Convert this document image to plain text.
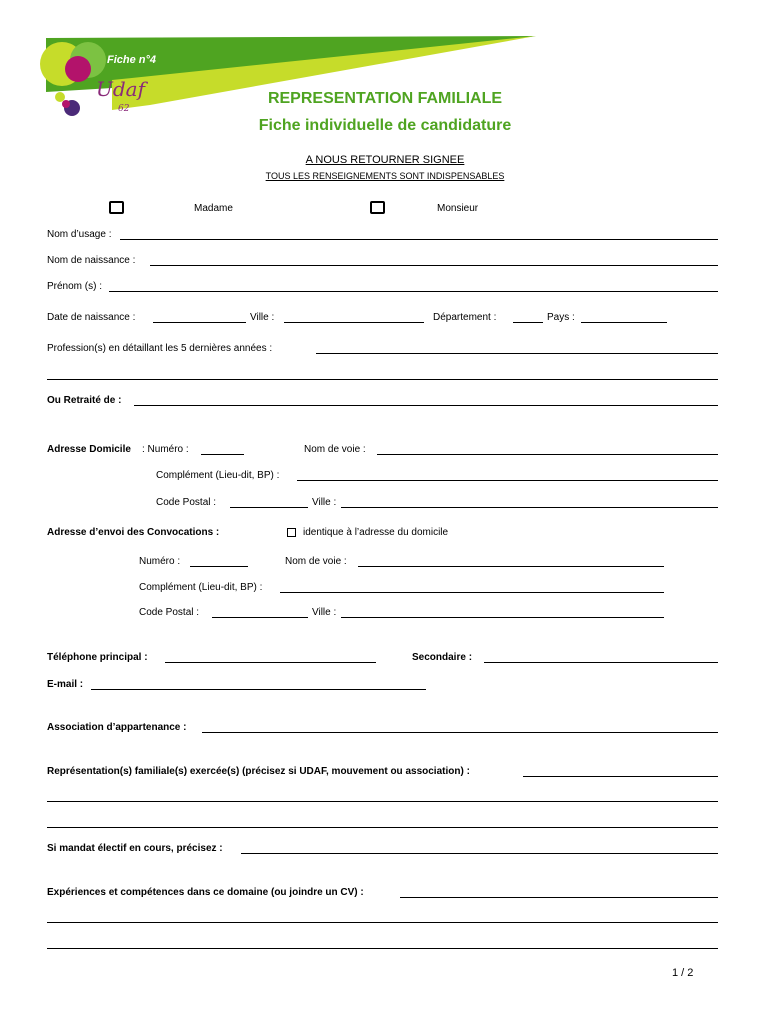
Fiche n°4
Udaf
62
REPRESENTATION FAMILIALE
Fiche individuelle de candidature
A NOUS RETOURNER SIGNEE
TOUS LES RENSEIGNEMENTS SONT INDISPENSABLES
Madame	Monsieur
Nom d’usage :
Nom de naissance :
Prénom (s) :
Date de naissance :	Ville :	Département :	Pays :
Profession(s) en détaillant les 5 dernières années :
Ou Retraité de :
Adresse Domicile : Numéro :	Nom de voie :
Complément (Lieu-dit, BP) :
Code Postal :	Ville :
Adresse d’envoi des Convocations :	identique à l’adresse du domicile
Numéro :	Nom de voie :
Complément (Lieu-dit, BP) :
Code Postal :	Ville :
Téléphone principal :	Secondaire :
E-mail :
Association d’appartenance :
Représentation(s) familiale(s) exercée(s) (précisez si UDAF, mouvement ou association) :
Si mandat électif en cours, précisez :
Expériences et compétences dans ce domaine (ou joindre un CV) :
1 / 2
